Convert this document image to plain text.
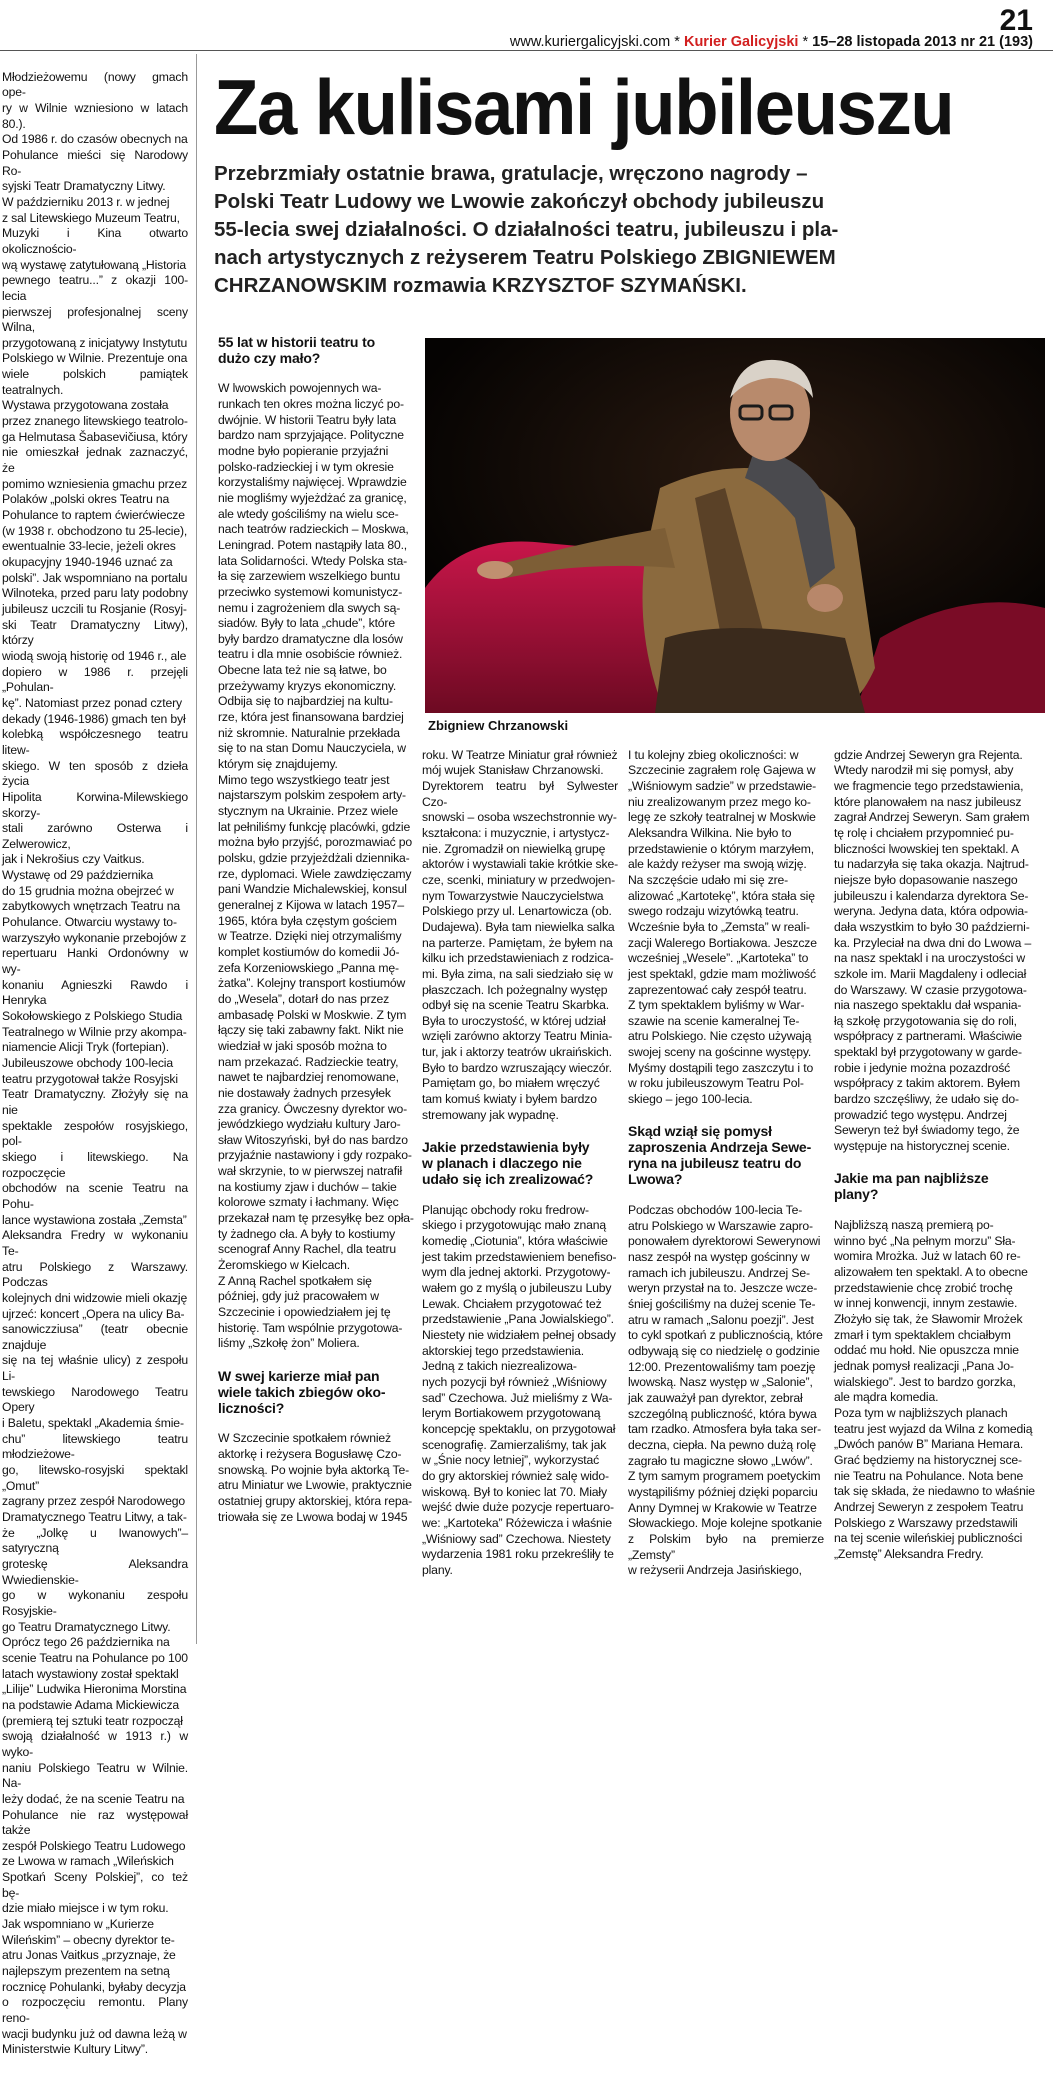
21
www.kuriergalicyjski.com * Kurier Galicyjski * 15–28 listopada 2013 nr 21 (193)

Młodzieżowemu (nowy gmach ope-
ry w Wilnie wzniesiono w latach 80.).
Od 1986 r. do czasów obecnych na
Pohulance mieści się Narodowy Ro-
syjski Teatr Dramatyczny Litwy.
W październiku 2013 r. w jednej
z sal Litewskiego Muzeum Teatru,
Muzyki i Kina otwarto okolicznościo-
wą wystawę zatytułowaną „Historia
pewnego teatru...” z okazji 100-lecia
pierwszej profesjonalnej sceny Wilna,
przygotowaną z inicjatywy Instytutu
Polskiego w Wilnie. Prezentuje ona
wiele polskich pamiątek teatralnych.
Wystawa przygotowana została
przez znanego litewskiego teatrolo-
ga Helmutasa Šabasevičiusa, który
nie omieszkał jednak zaznaczyć, że
pomimo wzniesienia gmachu przez
Polaków „polski okres Teatru na
Pohulance to raptem ćwierćwiecze
(w 1938 r. obchodzono tu 25-lecie),
ewentualnie 33-lecie, jeżeli okres
okupacyjny 1940-1946 uznać za
polski”. Jak wspomniano na portalu
Wilnoteka, przed paru laty podobny
jubileusz uczcili tu Rosjanie (Rosyj-
ski Teatr Dramatyczny Litwy), którzy
wiodą swoją historię od 1946 r., ale
dopiero w 1986 r. przejęli „Pohulan-
kę”. Natomiast przez ponad cztery
dekady (1946-1986) gmach ten był
kolebką współczesnego teatru litew-
skiego. W ten sposób z dzieła życia
Hipolita Korwina-Milewskiego skorzy-
stali zarówno Osterwa i Zelwerowicz,
jak i Nekrošius czy Vaitkus.
Wystawę od 29 października
do 15 grudnia można obejrzeć w
zabytkowych wnętrzach Teatru na
Pohulance. Otwarciu wystawy to-
warzyszyło wykonanie przebojów z
repertuaru Hanki Ordonówny w wy-
konaniu Agnieszki Rawdo i Henryka
Sokołowskiego z Polskiego Studia
Teatralnego w Wilnie przy akompa-
niamencie Alicji Tryk (fortepian).
Jubileuszowe obchody 100-lecia
teatru przygotował także Rosyjski
Teatr Dramatyczny. Złożyły się na nie
spektakle zespołów rosyjskiego, pol-
skiego i litewskiego. Na rozpoczęcie
obchodów na scenie Teatru na Pohu-
lance wystawiona została „Zemsta”
Aleksandra Fredry w wykonaniu Te-
atru Polskiego z Warszawy. Podczas
kolejnych dni widzowie mieli okazję
ujrzeć: koncert „Opera na ulicy Ba-
sanowiczziusa” (teatr obecnie znajduje
się na tej właśnie ulicy) z zespołu Li-
tewskiego Narodowego Teatru Opery
i Baletu, spektakl „Akademia śmie-
chu” litewskiego teatru młodzieżowe-
go, litewsko-rosyjski spektakl „Omut”
zagrany przez zespół Narodowego
Dramatycznego Teatru Litwy, a tak-
że „Jolkę u Iwanowych”– satyryczną
groteskę Aleksandra Wwiedienskie-
go w wykonaniu zespołu Rosyjskie-
go Teatru Dramatycznego Litwy.
Oprócz tego 26 października na
scenie Teatru na Pohulance po 100
latach wystawiony został spektakl
„Lilije” Ludwika Hieronima Morstina
na podstawie Adama Mickiewicza
(premierą tej sztuki teatr rozpoczął
swoją działalność w 1913 r.) w wyko-
naniu Polskiego Teatru w Wilnie. Na-
leży dodać, że na scenie Teatru na
Pohulance nie raz występował także
zespół Polskiego Teatru Ludowego
ze Lwowa w ramach „Wileńskich
Spotkań Sceny Polskiej”, co też bę-
dzie miało miejsce i w tym roku.
Jak wspomniano w „Kurierze
Wileńskim” – obecny dyrektor te-
atru Jonas Vaitkus „przyznaje, że
najlepszym prezentem na setną
rocznicę Pohulanki, byłaby decyzja
o rozpoczęciu remontu. Plany reno-
wacji budynku już od dawna leżą w
Ministerstwie Kultury Litwy”.

Za kulisami jubileuszu
Przebrzmiały ostatnie brawa, gratulacje, wręczono nagrody –
Polski Teatr Ludowy we Lwowie zakończył obchody jubileuszu
55-lecia swej działalności. O działalności teatru, jubileuszu i pla-
nach artystycznych z reżyserem Teatru Polskiego ZBIGNIEWEM
CHRZANOWSKIM rozmawia KRZYSZTOF SZYMAŃSKI.
Zbigniew Chrzanowski

55 lat w historii teatru to
dużo czy mało?

W lwowskich powojennych wa-
runkach ten okres można liczyć po-
dwójnie. W historii Teatru były lata
bardzo nam sprzyjające. Polityczne
modne było popieranie przyjaźni
polsko-radzieckiej i w tym okresie
korzystaliśmy najwięcej. Wprawdzie
nie mogliśmy wyjeżdżać za granicę,
ale wtedy gościliśmy na wielu sce-
nach teatrów radzieckich – Moskwa,
Leningrad. Potem nastąpiły lata 80.,
lata Solidarności. Wtedy Polska sta-
ła się zarzewiem wszelkiego buntu
przeciwko systemowi komunistycz-
nemu i zagrożeniem dla swych są-
siadów. Były to lata „chude”, które
były bardzo dramatyczne dla losów
teatru i dla mnie osobiście również.
Obecne lata też nie są łatwe, bo
przeżywamy kryzys ekonomiczny.
Odbija się to najbardziej na kultu-
rze, która jest finansowana bardziej
niż skromnie. Naturalnie przekłada
się to na stan Domu Nauczyciela, w
którym się znajdujemy.
Mimo tego wszystkiego teatr jest
najstarszym polskim zespołem arty-
stycznym na Ukrainie. Przez wiele
lat pełniliśmy funkcję placówki, gdzie
można było przyjść, porozmawiać po
polsku, gdzie przyjeżdżali dziennika-
rze, dyplomaci. Wiele zawdzięczamy
pani Wandzie Michalewskiej, konsul
generalnej z Kijowa w latach 1957–
1965, która była częstym gościem
w Teatrze. Dzięki niej otrzymaliśmy
komplet kostiumów do komedii Jó-
zefa Korzeniowskiego „Panna mę-
żatka”. Kolejny transport kostiumów
do „Wesela”, dotarł do nas przez
ambasadę Polski w Moskwie. Z tym
łączy się taki zabawny fakt. Nikt nie
wiedział w jaki sposób można to
nam przekazać. Radzieckie teatry,
nawet te najbardziej renomowane,
nie dostawały żadnych przesyłek
zza granicy. Ówczesny dyrektor wo-
jewódzkiego wydziału kultury Jaro-
sław Witoszyński, był do nas bardzo
przyjaźnie nastawiony i gdy rozpako-
wał skrzynie, to w pierwszej natrafił
na kostiumy zjaw i duchów – takie
kolorowe szmaty i łachmany. Więc
przekazał nam tę przesyłkę bez opła-
ty żadnego cła. A były to kostiumy
scenograf Anny Rachel, dla teatru
Żeromskiego w Kielcach.
Z Anną Rachel spotkałem się
później, gdy już pracowałem w
Szczecinie i opowiedziałem jej tę
historię. Tam wspólnie przygotowa-
liśmy „Szkołę żon” Moliera.

W swej karierze miał pan
wiele takich zbiegów oko-
liczności?

W Szczecinie spotkałem również
aktorkę i reżysera Bogusławę Czo-
snowską. Po wojnie była aktorką Te-
atru Miniatur we Lwowie, praktycznie
ostatniej grupy aktorskiej, która repa-
triowała się ze Lwowa bodaj w 1945

roku. W Teatrze Miniatur grał również
mój wujek Stanisław Chrzanowski.
Dyrektorem teatru był Sylwester Czo-
snowski – osoba wszechstronnie wy-
kształcona: i muzycznie, i artystycz-
nie. Zgromadził on niewielką grupę
aktorów i wystawiali takie krótkie ske-
cze, scenki, miniatury w przedwojen-
nym Towarzystwie Nauczycielstwa
Polskiego przy ul. Lenartowicza (ob.
Dudajewa). Była tam niewielka salka
na parterze. Pamiętam, że byłem na
kilku ich przedstawieniach z rodzica-
mi. Była zima, na sali siedziało się w
płaszczach. Ich pożegnalny występ
odbył się na scenie Teatru Skarbka.
Była to uroczystość, w której udział
wzięli zarówno aktorzy Teatru Minia-
tur, jak i aktorzy teatrów ukraińskich.
Było to bardzo wzruszający wieczór.
Pamiętam go, bo miałem wręczyć
tam komuś kwiaty i byłem bardzo
stremowany jak wypadnę.

Jakie przedstawienia były
w planach i dlaczego nie
udało się ich zrealizować?

Planując obchody roku fredrow-
skiego i przygotowując mało znaną
komedię „Ciotunia”, która właściwie
jest takim przedstawieniem benefiso-
wym dla jednej aktorki. Przygotowy-
wałem go z myślą o jubileuszu Luby
Lewak. Chciałem przygotować też
przedstawienie „Pana Jowialskiego”.
Niestety nie widziałem pełnej obsady
aktorskiej tego przedstawienia.
Jedną z takich niezrealizowa-
nych pozycji był również „Wiśniowy
sad” Czechowa. Już mieliśmy z Wa-
lerym Bortiakowem przygotowaną
koncepcję spektaklu, on przygotował
scenografię. Zamierzaliśmy, tak jak
w „Śnie nocy letniej”, wykorzystać
do gry aktorskiej również salę wido-
wiskową. Był to koniec lat 70. Miały
wejść dwie duże pozycje repertuaro-
we: „Kartoteka” Różewicza i właśnie
„Wiśniowy sad” Czechowa. Niestety
wydarzenia 1981 roku przekreśliły te
plany.

I tu kolejny zbieg okoliczności: w
Szczecinie zagrałem rolę Gajewa w
„Wiśniowym sadzie” w przedstawie-
niu zrealizowanym przez mego ko-
legę ze szkoły teatralnej w Moskwie
Aleksandra Wilkina. Nie było to
przedstawienie o którym marzyłem,
ale każdy reżyser ma swoją wizję.
Na szczęście udało mi się zre-
alizować „Kartotekę”, która stała się
swego rodzaju wizytówką teatru.
Wcześnie była to „Zemsta” w reali-
zacji Walerego Bortiakowa. Jeszcze
wcześniej „Wesele”. „Kartoteka” to
jest spektakl, gdzie mam możliwość
zaprezentować cały zespół teatru.
Z tym spektaklem byliśmy w War-
szawie na scenie kameralnej Te-
atru Polskiego. Nie często używają
swojej sceny na gościnne występy.
Myśmy dostąpili tego zaszczytu i to
w roku jubileuszowym Teatru Pol-
skiego – jego 100-lecia.

Skąd wziął się pomysł
zaproszenia Andrzeja Sewe-
ryna na jubileusz teatru do
Lwowa?

Podczas obchodów 100-lecia Te-
atru Polskiego w Warszawie zapro-
ponowałem dyrektorowi Sewerynowi
nasz zespół na występ gościnny w
ramach ich jubileuszu. Andrzej Se-
weryn przystał na to. Jeszcze wcze-
śniej gościliśmy na dużej scenie Te-
atru w ramach „Salonu poezji”. Jest
to cykl spotkań z publicznością, które
odbywają się co niedzielę o godzinie
12:00. Prezentowaliśmy tam poezję
lwowską. Nasz występ w „Salonie”,
jak zauważył pan dyrektor, zebrał
szczególną publiczność, która bywa
tam rzadko. Atmosfera była taka ser-
deczna, ciepła. Na pewno dużą rolę
zagrało tu magiczne słowo „Lwów”.
Z tym samym programem poetyckim
wystąpiliśmy później dzięki poparciu
Anny Dymnej w Krakowie w Teatrze
Słowackiego. Moje kolejne spotkanie
z Polskim było na premierze „Zemsty”
w reżyserii Andrzeja Jasińskiego,

gdzie Andrzej Seweryn gra Rejenta.
Wtedy narodził mi się pomysł, aby
we fragmencie tego przedstawienia,
które planowałem na nasz jubileusz
zagrał Andrzej Seweryn. Sam grałem
tę rolę i chciałem przypomnieć pu-
bliczności lwowskiej ten spektakl. A
tu nadarzyła się taka okazja. Najtrud-
niejsze było dopasowanie naszego
jubileuszu i kalendarza dyrektora Se-
weryna. Jedyna data, która odpowia-
dała wszystkim to było 30 październi-
ka. Przyleciał na dwa dni do Lwowa –
na nasz spektakl i na uroczystości w
szkole im. Marii Magdaleny i odleciał
do Warszawy. W czasie przygotowa-
nia naszego spektaklu dał wspania-
łą szkołę przygotowania się do roli,
współpracy z partnerami. Właściwie
spektakl był przygotowany w garde-
robie i jedynie można pozazdrość
współpracy z takim aktorem. Byłem
bardzo szczęśliwy, że udało się do-
prowadzić tego występu. Andrzej
Seweryn też był świadomy tego, że
występuje na historycznej scenie.

Jakie ma pan najbliższe
plany?

Najbliższą naszą premierą po-
winno być „Na pełnym morzu” Sła-
womira Mrożka. Już w latach 60 re-
alizowałem ten spektakl. A to obecne
przedstawienie chcę zrobić trochę
w innej konwencji, innym zestawie.
Złożyło się tak, że Sławomir Mrożek
zmarł i tym spektaklem chciałbym
oddać mu hołd. Nie opuszcza mnie
jednak pomysł realizacji „Pana Jo-
wialskiego”. Jest to bardzo gorzka,
ale mądra komedia.
Poza tym w najbliższych planach
teatru jest wyjazd da Wilna z komedią
„Dwóch panów B” Mariana Hemara.
Grać będziemy na historycznej sce-
nie Teatru na Pohulance. Nota bene
tak się składa, że niedawno to właśnie
Andrzej Seweryn z zespołem Teatru
Polskiego z Warszawy przedstawili
na tej scenie wileńskiej publiczności
„Zemstę” Aleksandra Fredry.
